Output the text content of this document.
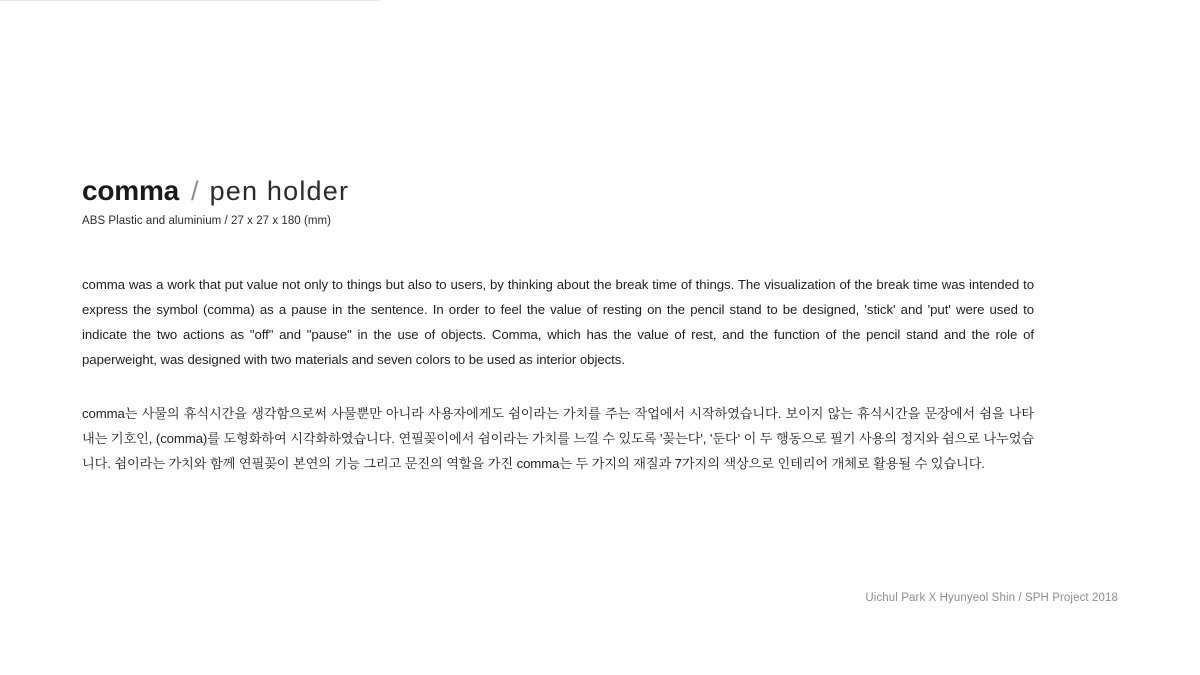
comma / pen holder
ABS Plastic and aluminium / 27 x 27 x 180 (mm)

comma was a work that put value not only to things but also to users, by thinking about the break time of things. The visualization of the break time was intended to express the symbol (comma) as a pause in the sentence. In order to feel the value of resting on the pencil stand to be designed, 'stick' and 'put' were used to indicate the two actions as "off" and "pause" in the use of objects. Comma, which has the value of rest, and the function of the pencil stand and the role of paperweight, was designed with two materials and seven colors to be used as interior objects.

comma는 사물의 휴식시간을 생각함으로써 사물뿐만 아니라 사용자에게도 쉼이라는 가치를 주는 작업에서 시작하였습니다. 보이지 않는 휴식시간을 문장에서 쉼을 나타내는 기호인, (comma)를 도형화하여 시각화하였습니다. 연필꽂이에서 쉼이라는 가치를 느낄 수 있도록 '꽂는다', '둔다' 이 두 행동으로 필기 사용의 정지와 쉼으로 나누었습니다. 쉼이라는 가치와 함께 연필꽂이 본연의 기능 그리고 문진의 역할을 가진 comma는 두 가지의 재질과 7가지의 색상으로 인테리어 개체로 활용될 수 있습니다.

Uichul Park X Hyunyeol Shin / SPH Project 2018
